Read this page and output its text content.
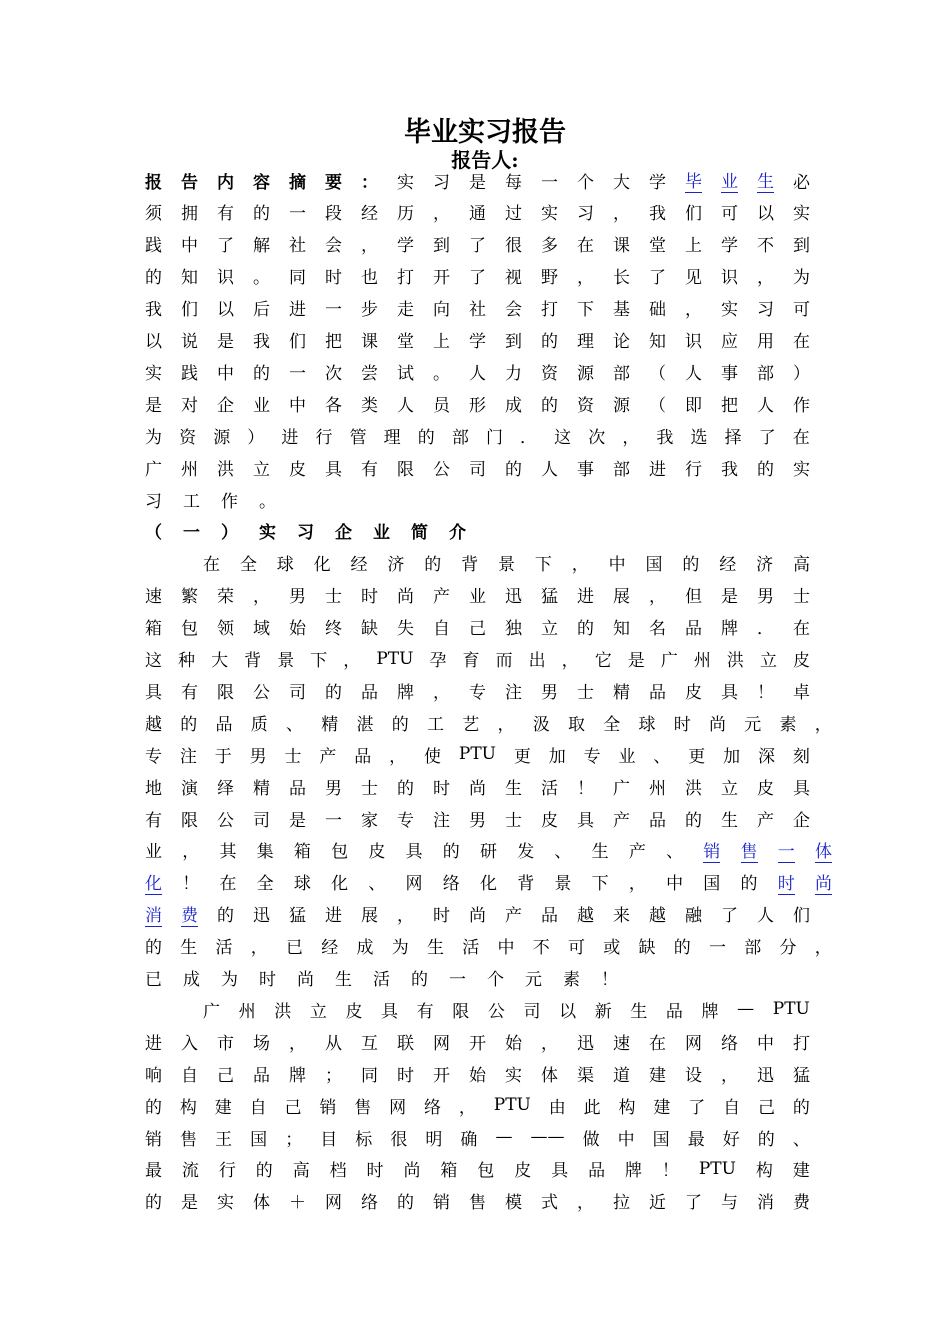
毕业实习报告
报告人:
报 告 内 容 摘 要 ： 实 习 是 每 一 个 大 学 毕 业 生 必
须 拥 有 的 一 段 经 历 ， 通 过 实 习 ， 我 们 可 以 实
践 中 了 解 社 会 ， 学 到 了 很 多 在 课 堂 上 学 不 到
的 知 识 。 同 时 也 打 开 了 视 野 ， 长 了 见 识 ， 为
我 们 以 后 进 一 步 走 向 社 会 打 下 基 础 ， 实 习 可
以 说 是 我 们 把 课 堂 上 学 到 的 理 论 知 识 应 用 在
实 践 中 的 一 次 尝 试 。 人 力 资 源 部 （ 人 事 部 ）
是 对 企 业 中 各 类 人 员 形 成 的 资 源 （ 即 把 人 作
为 资 源 ） 进 行 管 理 的 部 门 ． 这 次 ， 我 选 择 了 在
广 州 洪 立 皮 具 有 限 公 司 的 人 事 部 进 行 我 的 实
习 工 作 。
（ 一 ） 实 习 企 业 简 介
在 全 球 化 经 济 的 背 景 下 ， 中 国 的 经 济 高
速 繁 荣 ， 男 士 时 尚 产 业 迅 猛 进 展 ， 但 是 男 士
箱 包 领 域 始 终 缺 失 自 己 独 立 的 知 名 品 牌 ． 在
这 种 大 背 景 下 ， PTU 孕 育 而 出 ， 它 是 广 州 洪 立 皮
具 有 限 公 司 的 品 牌 ， 专 注 男 士 精 品 皮 具 ！ 卓
越 的 品 质 、 精 湛 的 工 艺 ， 汲 取 全 球 时 尚 元 素 ，
专 注 于 男 士 产 品 ， 使 PTU 更 加 专 业 、 更 加 深 刻
地 演 绎 精 品 男 士 的 时 尚 生 活 ！ 广 州 洪 立 皮 具
有 限 公 司 是 一 家 专 注 男 士 皮 具 产 品 的 生 产 企
业 ， 其 集 箱 包 皮 具 的 研 发 、 生 产 、 销 售 一 体
化 ！ 在 全 球 化 、 网 络 化 背 景 下 ， 中 国 的 时 尚
消 费 的 迅 猛 进 展 ， 时 尚 产 品 越 来 越 融 了 人 们
的 生 活 ， 已 经 成 为 生 活 中 不 可 或 缺 的 一 部 分 ，
已 成 为 时 尚 生 活 的 一 个 元 素 ！
广 州 洪 立 皮 具 有 限 公 司 以 新 生 品 牌 — PTU
进 入 市 场 ， 从 互 联 网 开 始 ， 迅 速 在 网 络 中 打
响 自 己 品 牌 ； 同 时 开 始 实 体 渠 道 建 设 ， 迅 猛
的 构 建 自 己 销 售 网 络 ， PTU 由 此 构 建 了 自 己 的
销 售 王 国 ； 目 标 很 明 确 — —— 做 中 国 最 好 的 、
最 流 行 的 高 档 时 尚 箱 包 皮 具 品 牌 ！ PTU 构 建
的 是 实 体 ＋ 网 络 的 销 售 模 式 ， 拉 近 了 与 消 费
